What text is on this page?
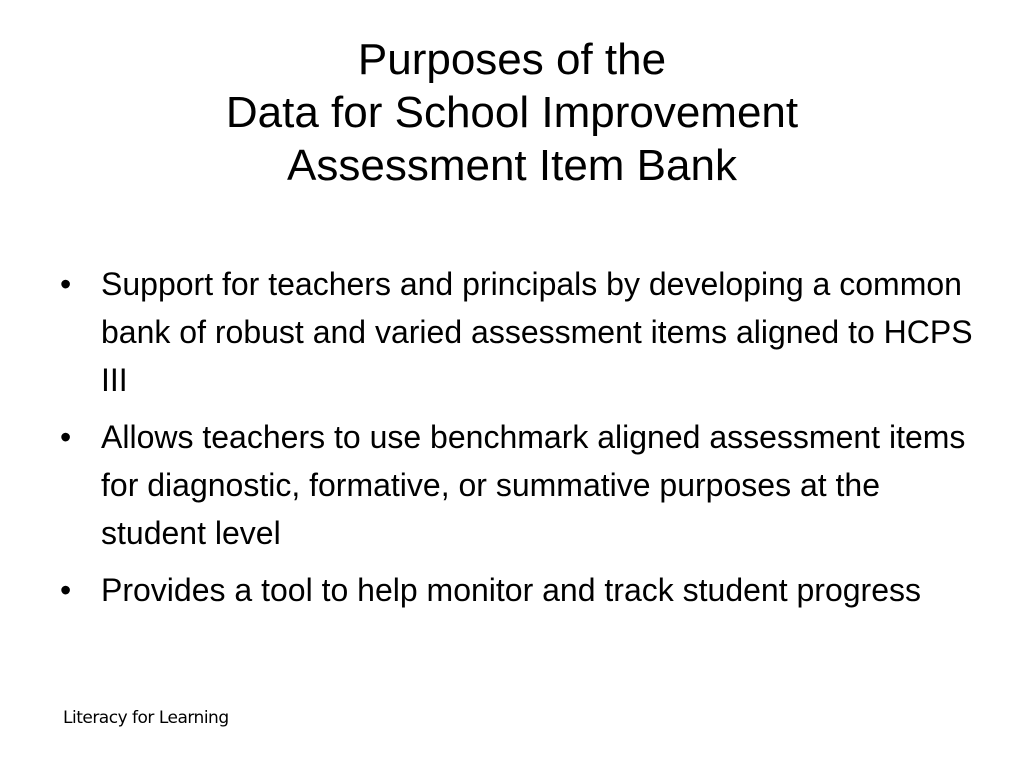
Purposes of the
Data for School Improvement
Assessment Item Bank
• Support for teachers and principals by developing a common bank of robust and varied assessment items aligned to HCPS III
• Allows teachers to use benchmark aligned assessment items for diagnostic, formative, or summative purposes at the student level
• Provides a tool to help monitor and track student progress
Literacy for Learning
